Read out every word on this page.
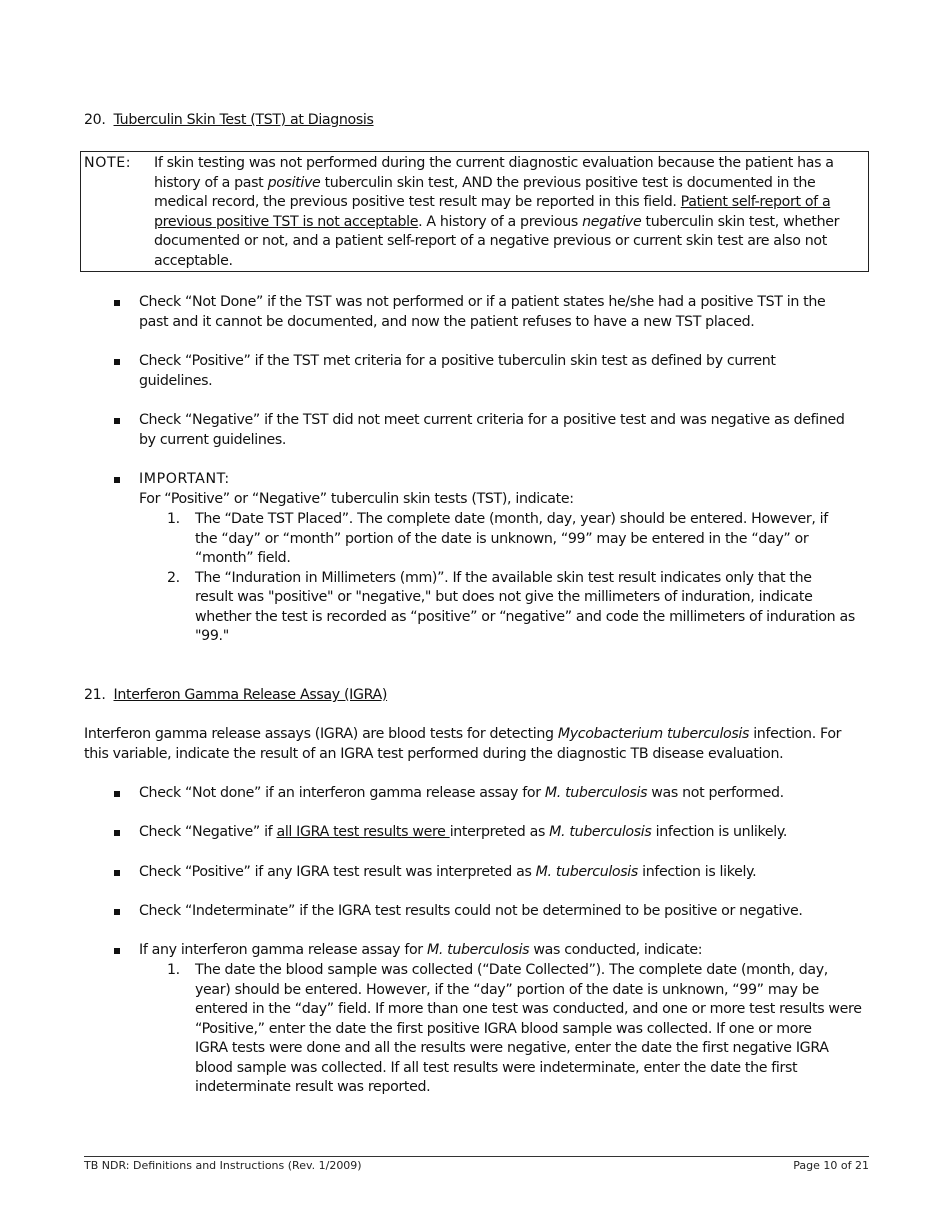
20. Tuberculin Skin Test (TST) at Diagnosis
NOTE: If skin testing was not performed during the current diagnostic evaluation because the patient has a
history of a past positive tuberculin skin test, AND the previous positive test is documented in the
medical record, the previous positive test result may be reported in this field. Patient self-report of a
previous positive TST is not acceptable. A history of a previous negative tuberculin skin test, whether
documented or not, and a patient self-report of a negative previous or current skin test are also not
acceptable.
Check “Not Done” if the TST was not performed or if a patient states he/she had a positive TST in the
past and it cannot be documented, and now the patient refuses to have a new TST placed.
Check “Positive” if the TST met criteria for a positive tuberculin skin test as defined by current
guidelines.
Check “Negative” if the TST did not meet current criteria for a positive test and was negative as defined
by current guidelines.
IMPORTANT:
For “Positive” or “Negative” tuberculin skin tests (TST), indicate:
1. The “Date TST Placed”. The complete date (month, day, year) should be entered. However, if
the “day” or “month” portion of the date is unknown, “99” may be entered in the “day” or
“month” field.
2. The “Induration in Millimeters (mm)”. If the available skin test result indicates only that the
result was "positive" or "negative," but does not give the millimeters of induration, indicate
whether the test is recorded as “positive” or “negative” and code the millimeters of induration as
"99."
21. Interferon Gamma Release Assay (IGRA)
Interferon gamma release assays (IGRA) are blood tests for detecting Mycobacterium tuberculosis infection. For
this variable, indicate the result of an IGRA test performed during the diagnostic TB disease evaluation.
Check “Not done” if an interferon gamma release assay for M. tuberculosis was not performed.
Check “Negative” if all IGRA test results were interpreted as M. tuberculosis infection is unlikely.
Check “Positive” if any IGRA test result was interpreted as M. tuberculosis infection is likely.
Check “Indeterminate” if the IGRA test results could not be determined to be positive or negative.
If any interferon gamma release assay for M. tuberculosis was conducted, indicate:
1. The date the blood sample was collected (“Date Collected”). The complete date (month, day,
year) should be entered. However, if the “day” portion of the date is unknown, “99” may be
entered in the “day” field. If more than one test was conducted, and one or more test results were
“Positive,” enter the date the first positive IGRA blood sample was collected. If one or more
IGRA tests were done and all the results were negative, enter the date the first negative IGRA
blood sample was collected. If all test results were indeterminate, enter the date the first
indeterminate result was reported.
TB NDR: Definitions and Instructions (Rev. 1/2009)	Page 10 of 21
